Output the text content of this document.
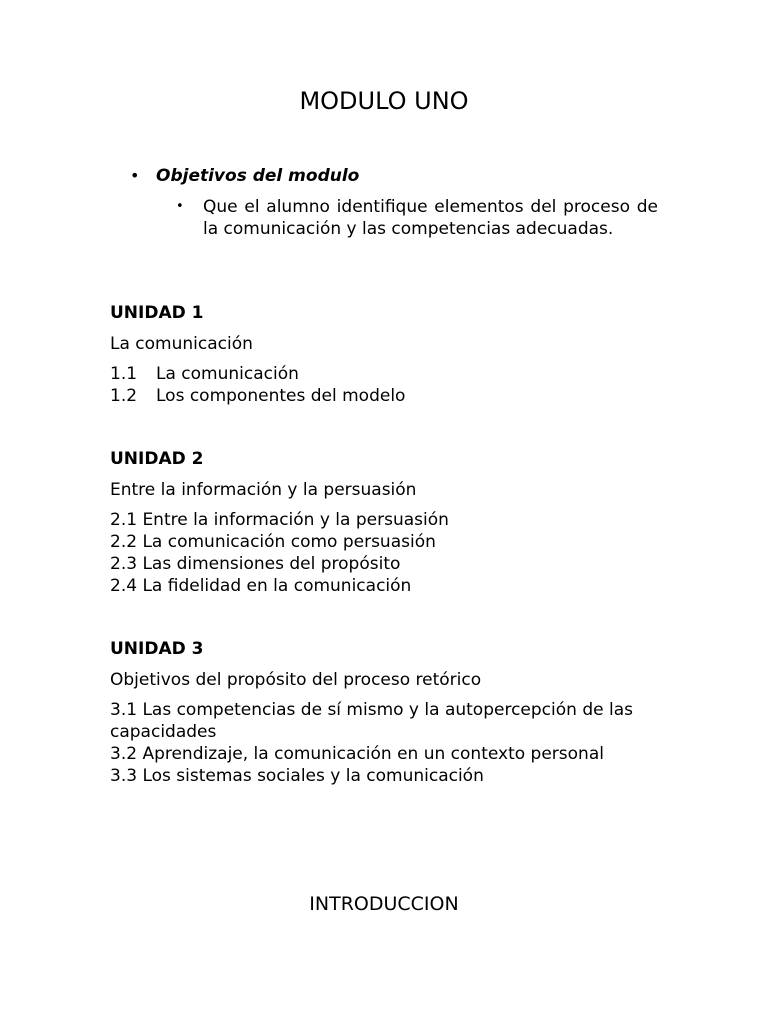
MODULO UNO
• Objetivos del modulo
• Que el alumno identifique elementos del proceso de la comunicación y las competencias adecuadas.
UNIDAD 1
La comunicación
1.1 La comunicación
1.2 Los componentes del modelo
UNIDAD 2
Entre la información y la persuasión
2.1 Entre la información y la persuasión
2.2 La comunicación como persuasión
2.3 Las dimensiones del propósito
2.4 La fidelidad en la comunicación
UNIDAD 3
Objetivos del propósito del proceso retórico
3.1 Las competencias de sí mismo y la autopercepción de las capacidades
3.2 Aprendizaje, la comunicación en un contexto personal
3.3 Los sistemas sociales y la comunicación
INTRODUCCION
